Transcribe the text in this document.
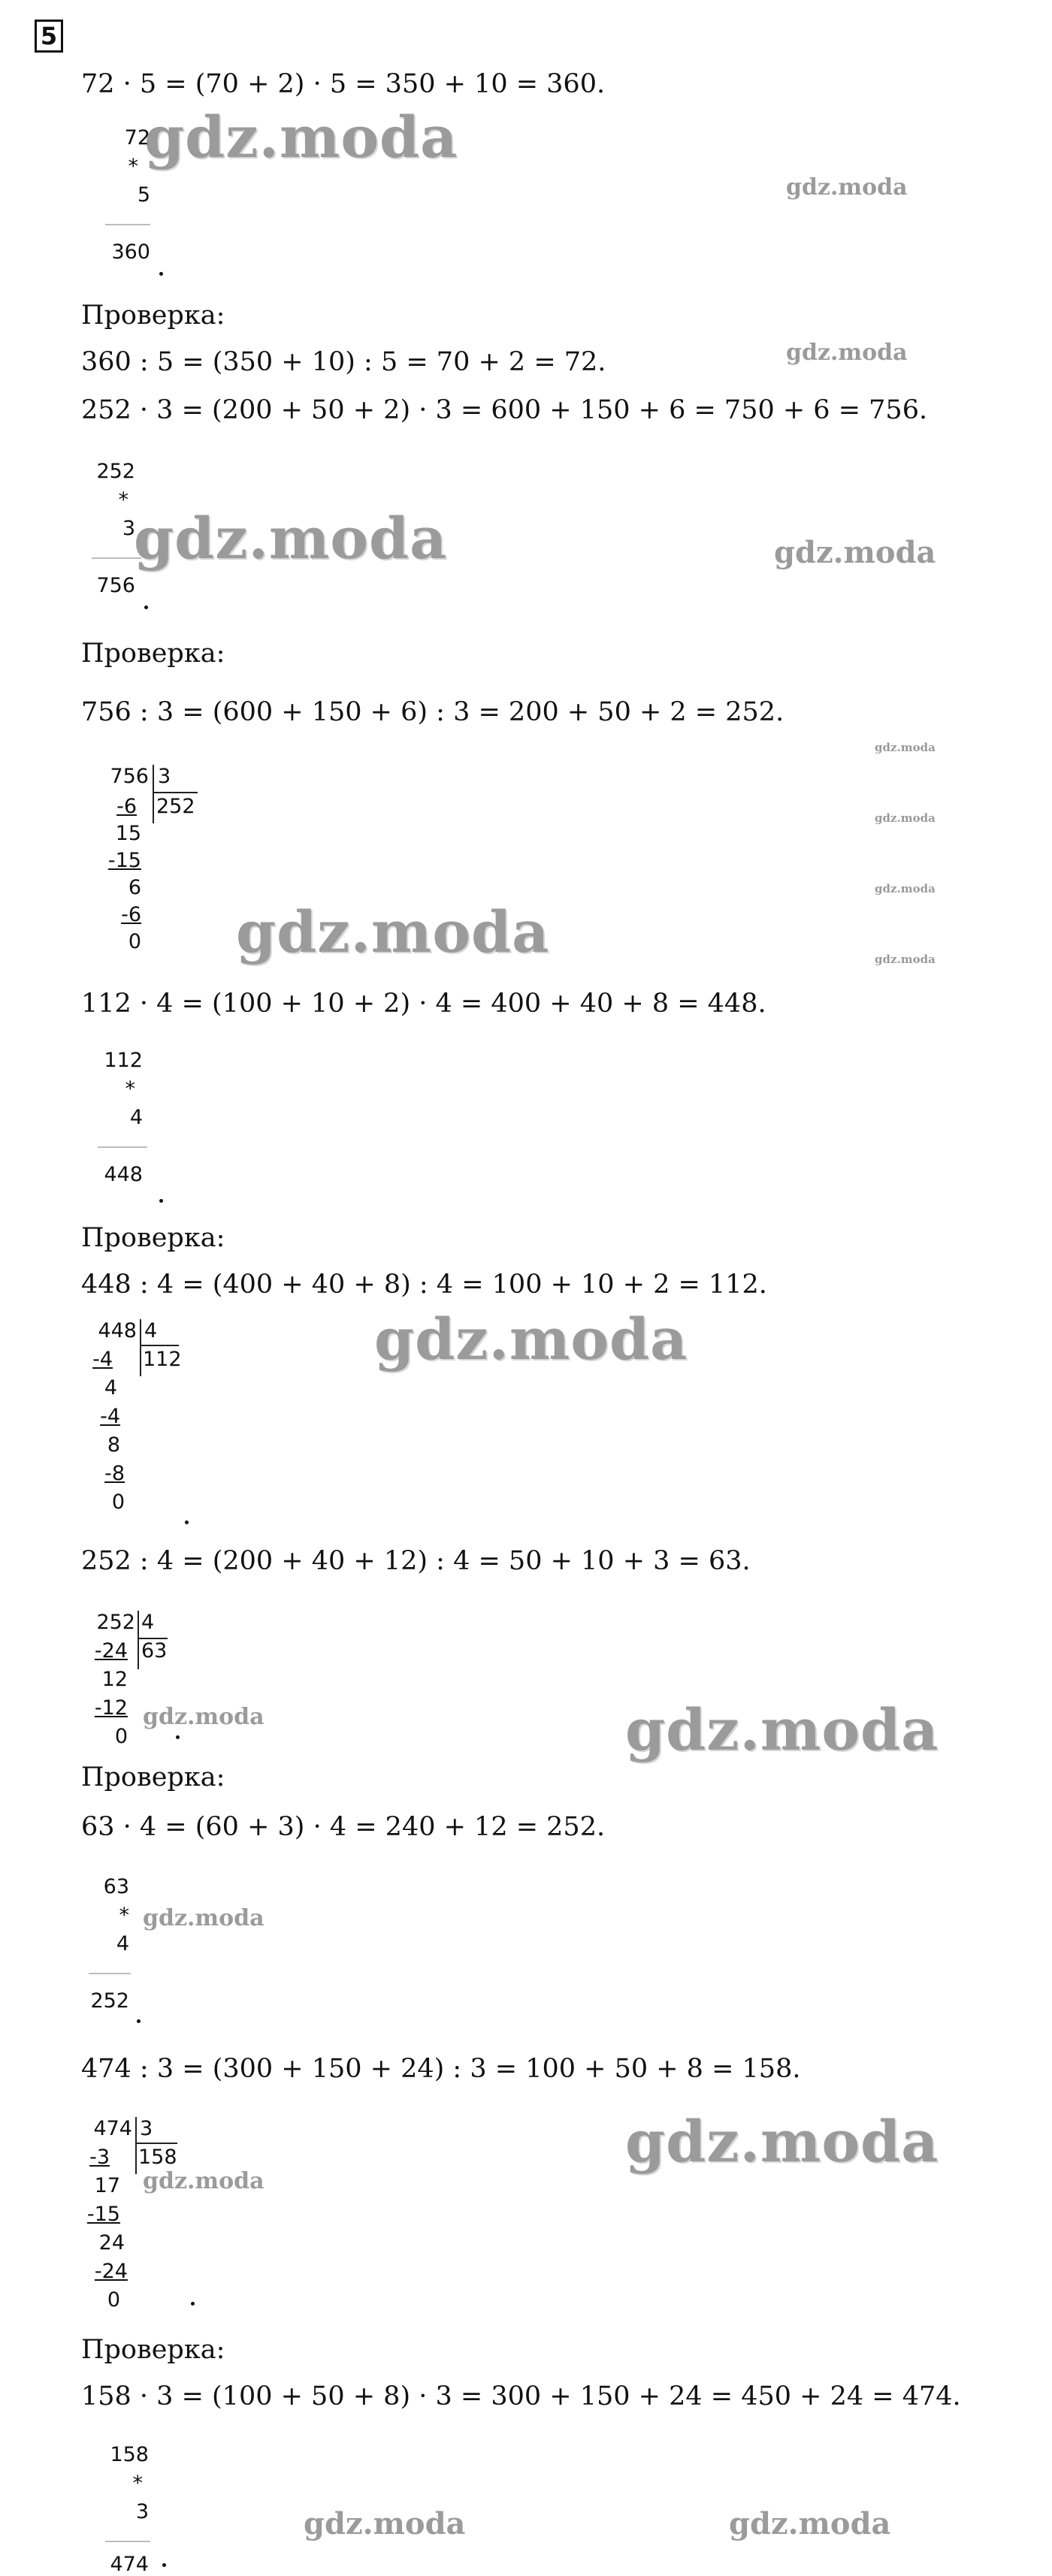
5
72 · 5 = (70 + 2) · 5 = 350 + 10 = 360.
72
*
5
360
Проверка:
360 : 5 = (350 + 10) : 5 = 70 + 2 = 72.
252 · 3 = (200 + 50 + 2) · 3 = 600 + 150 + 6 = 750 + 6 = 756.
252
*
3
756
Проверка:
756 : 3 = (600 + 150 + 6) : 3 = 200 + 50 + 2 = 252.
756 3
252
-6
15
-15
6
-6
0
112 · 4 = (100 + 10 + 2) · 4 = 400 + 40 + 8 = 448.
112
*
4
448
Проверка:
448 : 4 = (400 + 40 + 8) : 4 = 100 + 10 + 2 = 112.
448 4
112
-4
4
-4
8
-8
0
252 : 4 = (200 + 40 + 12) : 4 = 50 + 10 + 3 = 63.
252 4
63
-24
12
-12
0
Проверка:
63 · 4 = (60 + 3) · 4 = 240 + 12 = 252.
63
*
4
252
474 : 3 = (300 + 150 + 24) : 3 = 100 + 50 + 8 = 158.
474 3
158
-3
17
-15
24
-24
0
Проверка:
158 · 3 = (100 + 50 + 8) · 3 = 300 + 150 + 24 = 450 + 24 = 474.
158
*
3
474
gdz.moda
gdz.moda
gdz.moda
gdz.moda	gdz.moda
gdz.moda
gdz.moda
gdz.moda
gdz.moda
gdz.moda
gdz.moda
gdz.moda	gdz.moda
gdz.moda
gdz.moda
gdz.moda
gdz.moda	gdz.moda
